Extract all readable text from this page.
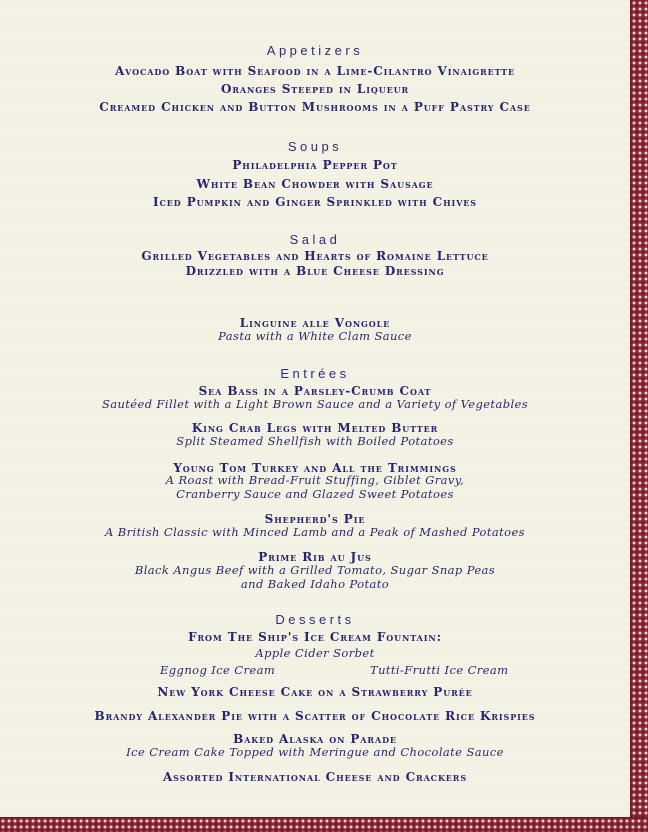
Appetizers
Avocado Boat with Seafood in a Lime-Cilantro Vinaigrette
Oranges Steeped in Liqueur
Creamed Chicken and Button Mushrooms in a Puff Pastry Case
Soups
Philadelphia Pepper Pot
White Bean Chowder with Sausage
Iced Pumpkin and Ginger Sprinkled with Chives
Salad
Grilled Vegetables and Hearts of Romaine Lettuce
Drizzled with a Blue Cheese Dressing
Linguine alle Vongole
Pasta with a White Clam Sauce
Entrées
Sea Bass in a Parsley-Crumb Coat
Sautéed Fillet with a Light Brown Sauce and a Variety of Vegetables
King Crab Legs with Melted Butter
Split Steamed Shellfish with Boiled Potatoes
Young Tom Turkey and All the Trimmings
A Roast with Bread-Fruit Stuffing, Giblet Gravy,
Cranberry Sauce and Glazed Sweet Potatoes
Shepherd's Pie
A British Classic with Minced Lamb and a Peak of Mashed Potatoes
Prime Rib au Jus
Black Angus Beef with a Grilled Tomato, Sugar Snap Peas
and Baked Idaho Potato
Desserts
From The Ship's Ice Cream Fountain:
Apple Cider Sorbet
Eggnog Ice Cream	Tutti-Frutti Ice Cream
New York Cheese Cake on a Strawberry Purée
Brandy Alexander Pie with a Scatter of Chocolate Rice Krispies
Baked Alaska on Parade
Ice Cream Cake Topped with Meringue and Chocolate Sauce
Assorted International Cheese and Crackers
